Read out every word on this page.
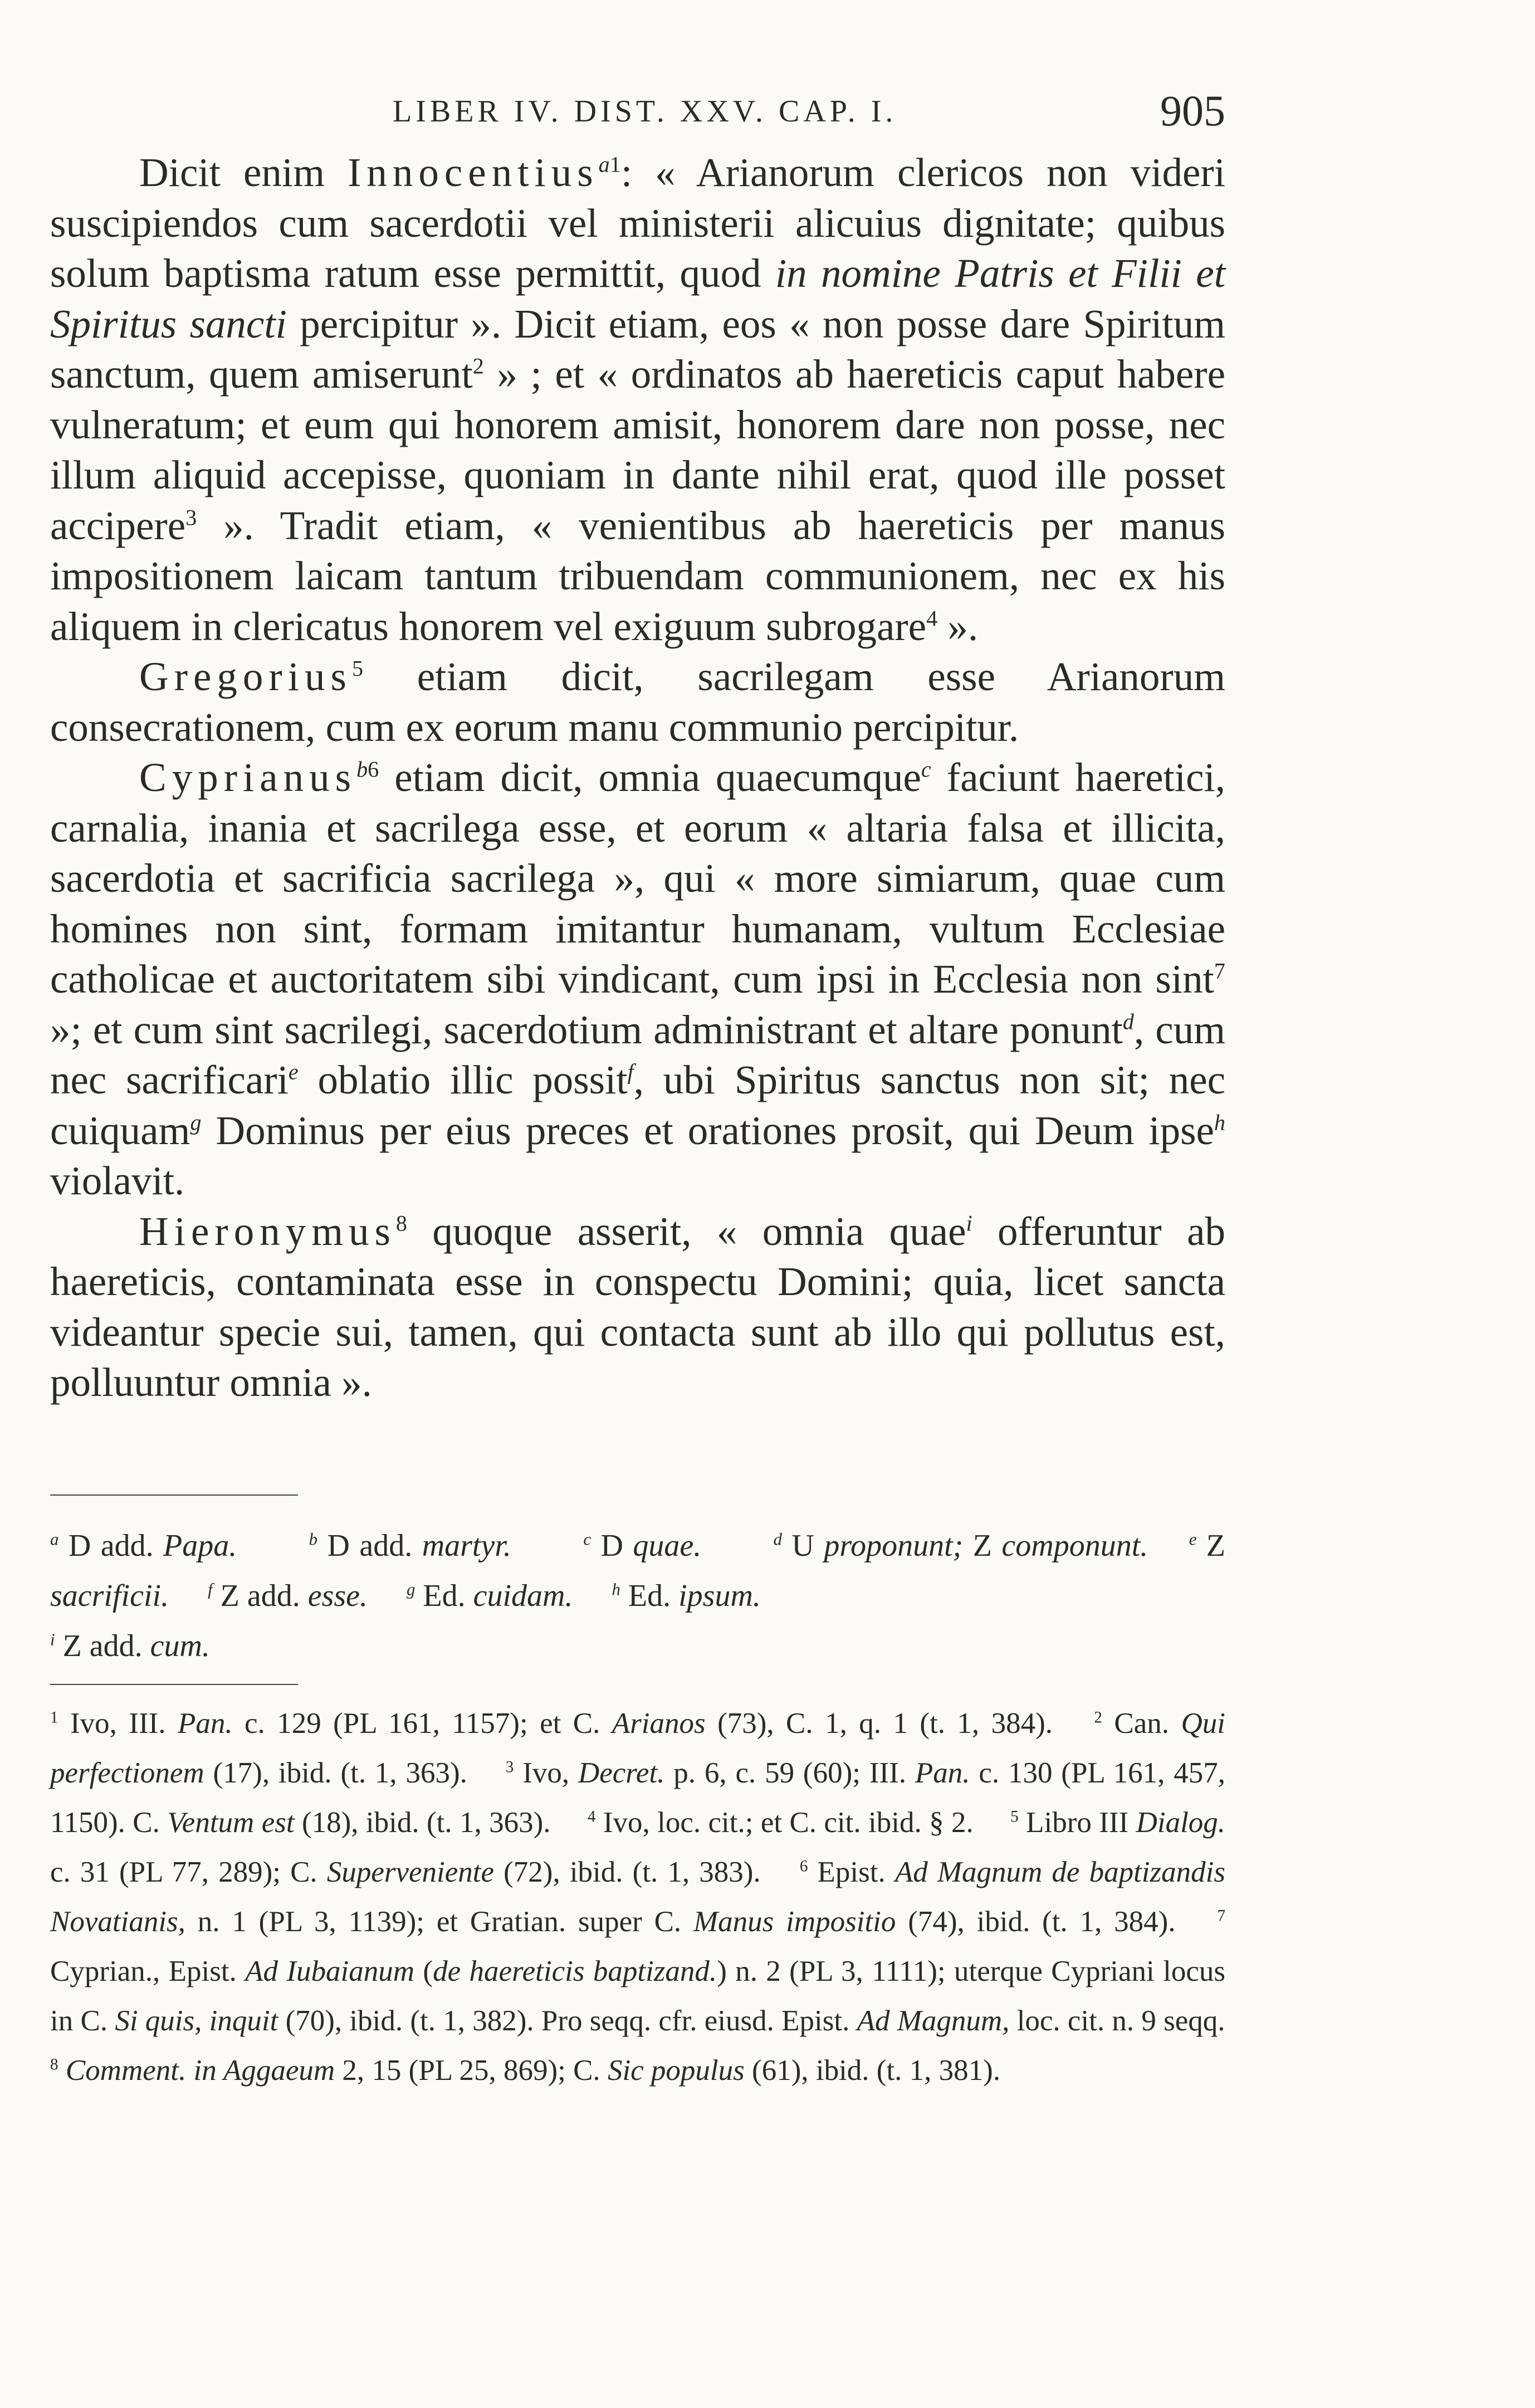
LIBER IV. DIST. XXV. CAP. I.	905

Dicit enim Innocentius$^{a1}$: « Arianorum clericos non videri suscipiendos cum sacerdotii vel ministerii alicuius dignitate; quibus solum baptisma ratum esse permittit, quod in nomine Patris et Filii et Spiritus sancti percipitur ». Dicit etiam, eos « non posse dare Spiritum sanctum, quem amiserunt$^2$ » ; et « ordinatos ab haereticis caput habere vulneratum; et eum qui honorem amisit, honorem dare non posse, nec illum aliquid accepisse, quoniam in dante nihil erat, quod ille posset accipere$^3$ ». Tradit etiam, « venientibus ab haereticis per manus impositionem laicam tantum tribuendam communionem, nec ex his aliquem in clericatus honorem vel exiguum subrogare$^4$ ».

Gregorius$^5$ etiam dicit, sacrilegam esse Arianorum consecrationem, cum ex eorum manu communio percipitur.

Cyprianus$^{b6}$ etiam dicit, omnia quaecumque$^c$ faciunt haeretici, carnalia, inania et sacrilega esse, et eorum « altaria falsa et illicita, sacerdotia et sacrificia sacrilega », qui « more simiarum, quae cum homines non sint, formam imitantur humanam, vultum Ecclesiae catholicae et auctoritatem sibi vindicant, cum ipsi in Ecclesia non sint$^7$ »; et cum sint sacrilegi, sacerdotium administrant et altare ponunt$^d$, cum nec sacrificari$^e$ oblatio illic possit$^f$, ubi Spiritus sanctus non sit; nec cuiquam$^g$ Dominus per eius preces et orationes prosit, qui Deum ipse$^h$ violavit.

Hieronymus$^8$ quoque asserit, « omnia quae$^i$ offeruntur ab haereticis, contaminata esse in conspectu Domini; quia, licet sancta videantur specie sui, tamen, qui contacta sunt ab illo qui pollutus est, polluuntur omnia ».

$^a$ D add. Papa.  	$^b$ D add. martyr.  	$^c$ D quae.  	$^d$ U proponunt; Z componunt.  $^e$ Z sacrificii.  $^f$ Z add. esse.  $^g$ Ed. cuidam.  $^h$ Ed. ipsum.
$^i$ Z add. cum.
$^1$ Ivo, III. Pan. c. 129 (PL 161, 1157); et C. Arianos (73), C. 1, q. 1 (t. 1, 384). 	$^2$ Can. Qui perfectionem (17), ibid. (t. 1, 363).  $^3$ Ivo, Decret. p. 6, c. 59 (60); III. Pan. c. 130 (PL 161, 457, 1150). C. Ventum est (18), ibid. (t. 1, 363).  $^4$ Ivo, loc. cit.; et C. cit. ibid. § 2.  $^5$ Libro III Dialog. c. 31 (PL 77, 289); C. Superveniente (72), ibid. (t. 1, 383).  $^6$ Epist. Ad Magnum de baptizandis Novatianis, n. 1 (PL 3, 1139); et Gratian. super C. Manus impositio (74), ibid. (t. 1, 384). 	$^7$ Cyprian., Epist. Ad Iubaianum (de haereticis baptizand.) n. 2 (PL 3, 1111); uterque Cypriani locus in C. Si quis, inquit (70), ibid. (t. 1, 382). Pro seqq. cfr. eiusd. Epist. Ad Magnum, loc. cit. n. 9 seqq.
$^8$ Comment. in Aggaeum 2, 15 (PL 25, 869); C. Sic populus (61), ibid. (t. 1, 381).
